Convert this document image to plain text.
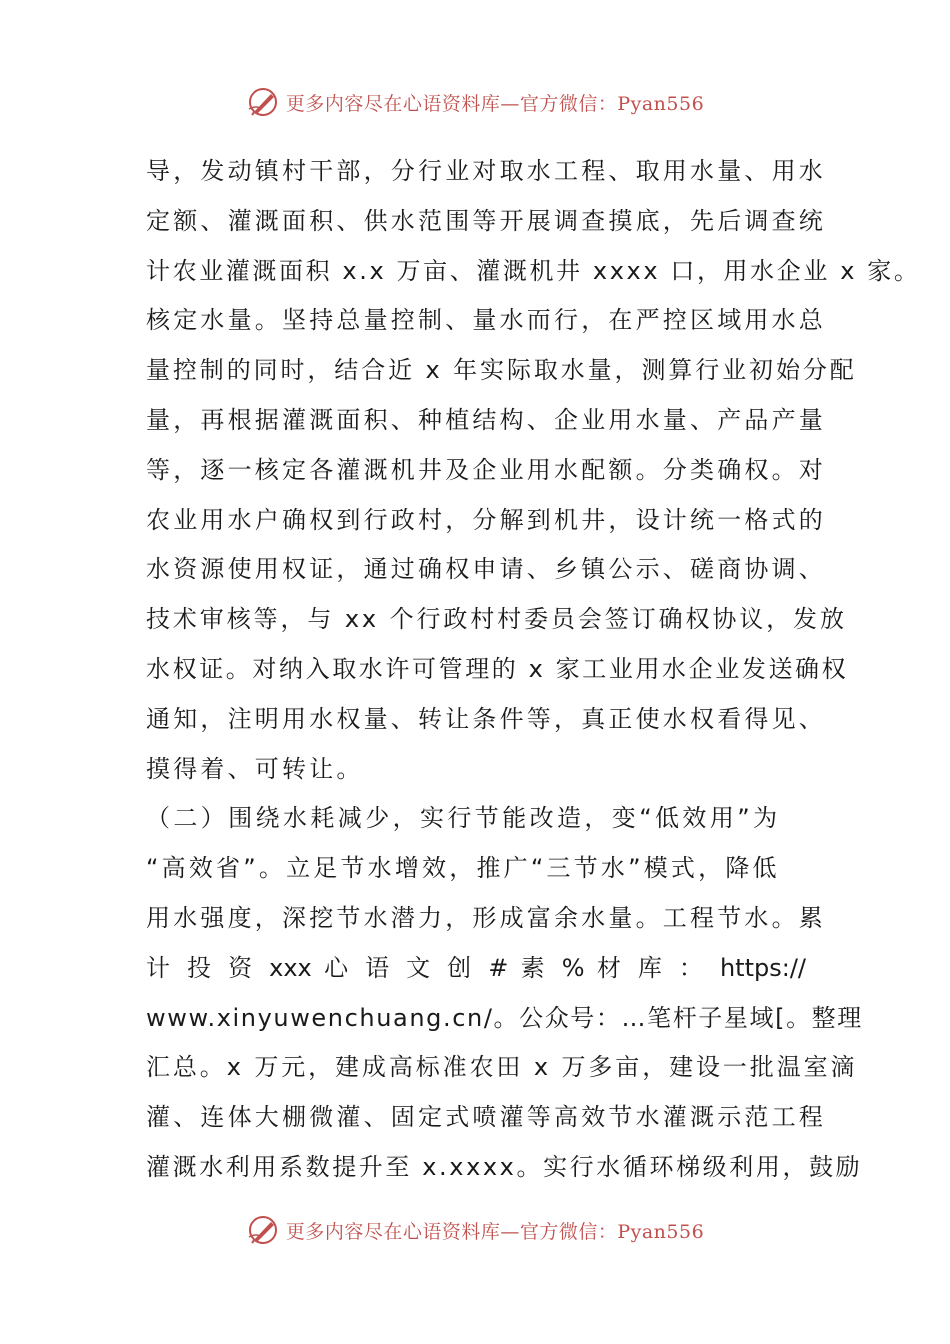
更多内容尽在心语资料库—官方微信：Pyan556
导，发动镇村干部，分行业对取水工程、取用水量、用水
定额、灌溉面积、供水范围等开展调查摸底，先后调查统
计农业灌溉面积 x.x 万亩、灌溉机井 xxxx 口，用水企业 x 家。
核定水量。坚持总量控制、量水而行，在严控区域用水总
量控制的同时，结合近 x 年实际取水量，测算行业初始分配
量，再根据灌溉面积、种植结构、企业用水量、产品产量
等，逐一核定各灌溉机井及企业用水配额。分类确权。对
农业用水户确权到行政村，分解到机井，设计统一格式的
水资源使用权证，通过确权申请、乡镇公示、磋商协调、
技术审核等，与 xx 个行政村村委员会签订确权协议，发放
水权证。对纳入取水许可管理的 x 家工业用水企业发送确权
通知，注明用水权量、转让条件等，真正使水权看得见、
摸得着、可转让。
（二）围绕水耗减少，实行节能改造，变“低效用”为
“高效省”。立足节水增效，推广“三节水”模式，降低
用水强度，深挖节水潜力，形成富余水量。工程节水。累
计 投 资 xxx 心 语 文 创 # 素 % 材 库 ： https://
www.xinyuwenchuang.cn/。公众号：…笔杆子星域[。整理
汇总。x 万元，建成高标准农田 x 万多亩，建设一批温室滴
灌、连体大棚微灌、固定式喷灌等高效节水灌溉示范工程
灌溉水利用系数提升至 x.xxxx。实行水循环梯级利用，鼓励
更多内容尽在心语资料库—官方微信：Pyan556
